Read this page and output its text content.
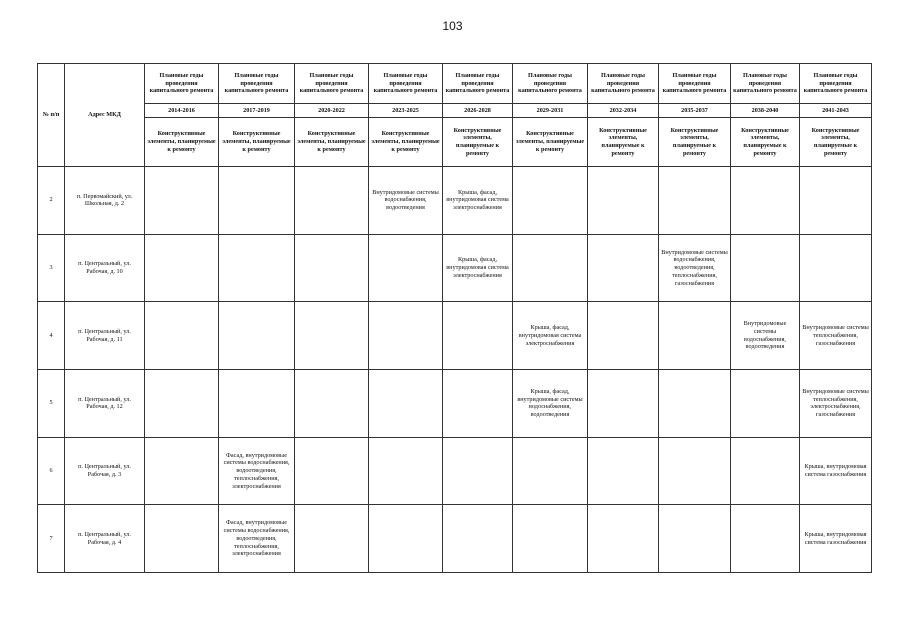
103
№ п/п	Адрес МКД	Плановые годы проведения капитального ремонта	Плановые годы проведения капитального ремонта	Плановые годы проведения капитального ремонта	Плановые годы проведения капитального ремонта	Плановые годы проведения капитального ремонта	Плановые годы проведения капитального ремонта	Плановые годы проведения капитального ремонта	Плановые годы проведения капитального ремонта	Плановые годы проведения капитального ремонта	Плановые годы проведения капитального ремонта
		2014-2016	2017-2019	2020-2022	2023-2025	2026-2028	2029-2031	2032-2034	2035-2037	2038-2040	2041-2043
		Конструктивные элементы, планируемые к ремонту	Конструктивные элементы, планируемые к ремонту	Конструктивные элементы, планируемые к ремонту	Конструктивные элементы, планируемые к ремонту	Конструктивные элементы, планируемые к ремонту	Конструктивные элементы, планируемые к ремонту	Конструктивные элементы, планируемые к ремонту	Конструктивные элементы, планируемые к ремонту	Конструктивные элементы, планируемые к ремонту	Конструктивные элементы, планируемые к ремонту
2	п. Первомайский, ул. Школьная, д. 2				Внутридомовые системы водоснабжения, водоотведения	Крыша, фасад, внутридомовая система электроснабжения					
3	п. Центральный, ул. Рабочая, д. 10					Крыша, фасад, внутридомовая система электроснабжения			Внутридомовые системы водоснабжения, водоотведения, теплоснабжения, газоснабжения		
4	п. Центральный, ул. Рабочая, д. 11						Крыша, фасад, внутридомовая система электроснабжения			Внутридомовые системы водоснабжения, водоотведения	Внутридомовые системы теплоснабжения, газоснабжения
5	п. Центральный, ул. Рабочая, д. 12						Крыша, фасад, внутридомовые системы водоснабжения, водоотведения				Внутридомовые системы теплоснабжения, электроснабжения, газоснабжения
6	п. Центральный, ул. Рабочая, д. 3		Фасад, внутридомовые системы водоснабжения, водоотведения, теплоснабжения, электроснабжения								Крыша, внутридомовая система газоснабжения
7	п. Центральный, ул. Рабочая, д. 4		Фасад, внутридомовые системы водоснабжения, водоотведения, теплоснабжения, электроснабжения								Крыша, внутридомовая система газоснабжения
